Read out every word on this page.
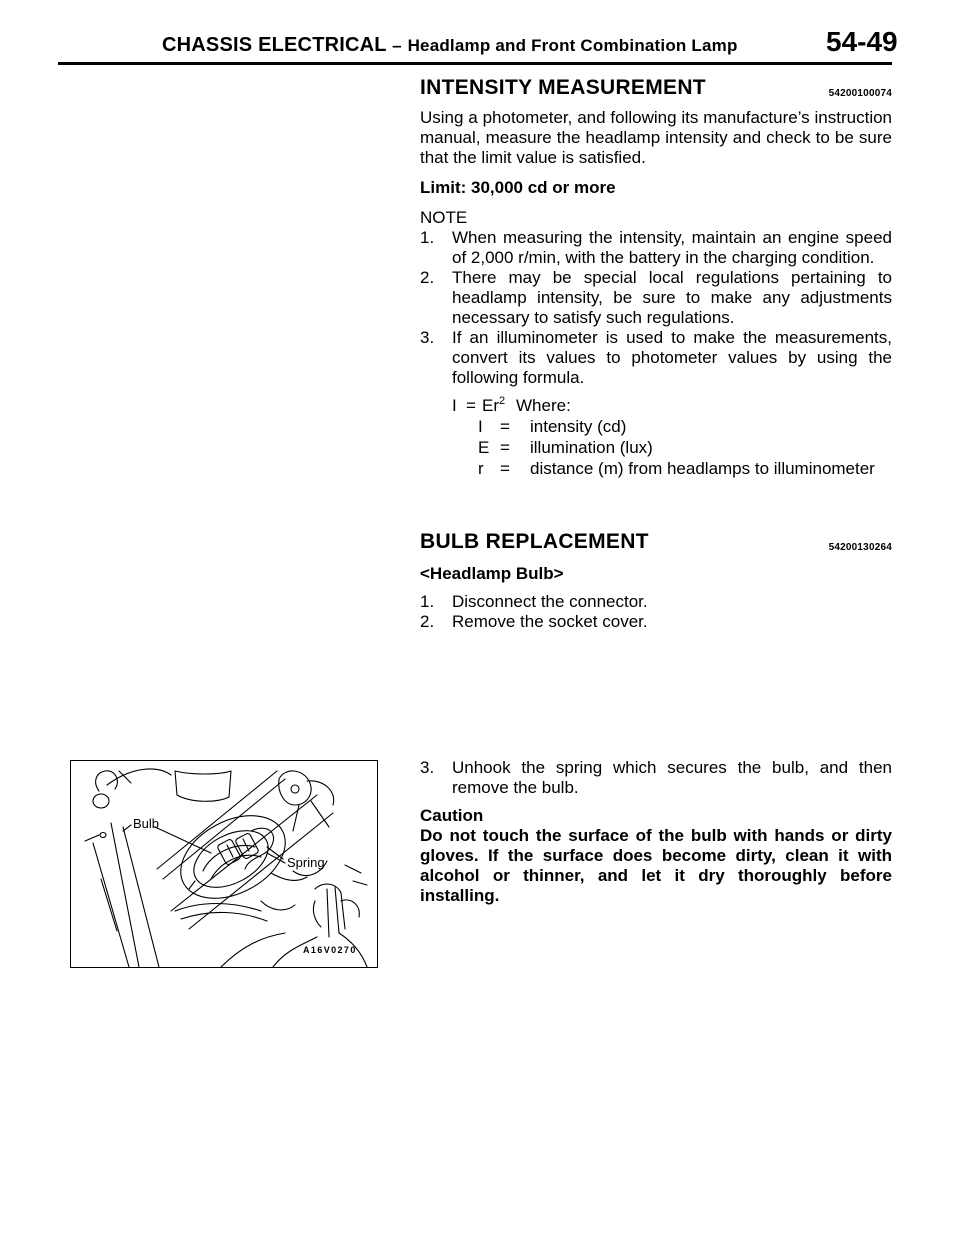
CHASSIS ELECTRICAL – Headlamp and Front Combination Lamp	54-49
INTENSITY MEASUREMENT	54200100074

Using a photometer, and following its manufacture’s instruction manual, measure the headlamp intensity and check to be sure that the limit value is satisfied.

Limit: 30,000 cd or more

NOTE

1. When measuring the intensity, maintain an engine speed of 2,000 r/min, with the battery in the charging condition.
2. There may be special local regulations pertaining to headlamp intensity, be sure to make any adjustments necessary to satisfy such regulations.
3. If an illuminometer is used to make the measurements, convert its values to photometer values by using the following formula.
$I = Er^2$ Where:
I = intensity (cd)
E = illumination (lux)
r = distance (m) from headlamps to illuminometer
BULB REPLACEMENT	54200130264

<Headlamp Bulb>

1. Disconnect the connector.
2. Remove the socket cover.
3. Unhook the spring which secures the bulb, and then remove the bulb.

Caution

Do not touch the surface of the bulb with hands or dirty gloves. If the surface does become dirty, clean it with alcohol or thinner, and let it dry thoroughly before installing.

Bulb
Spring
A16V0270
